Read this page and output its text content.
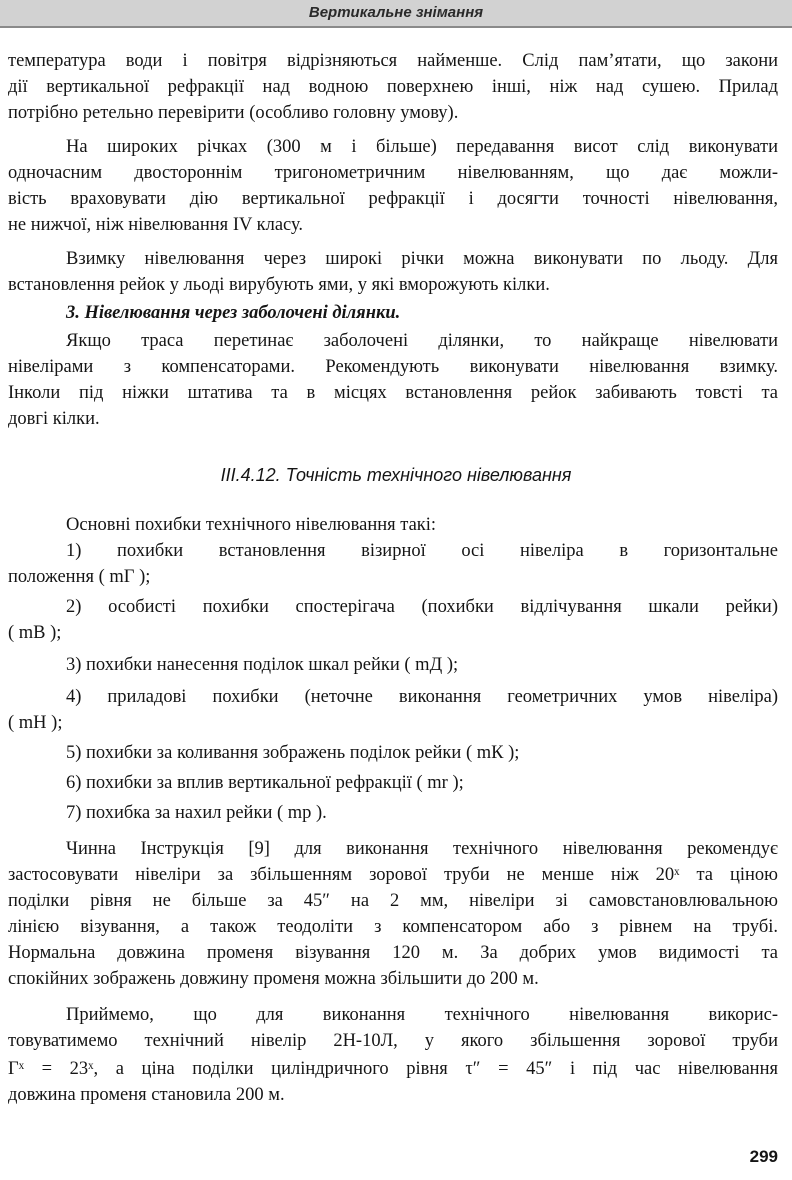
Вертикальне знімання
температура води і повітря відрізняються найменше. Слід пам’ятати, що закони
дії вертикальної рефракції над водною поверхнею інші, ніж над сушею. Прилад
потрібно ретельно перевірити (особливо головну умову).
На широких річках (300 м і більше) передавання висот слід виконувати
одночасним двостороннім тригонометричним нівелюванням, що дає можли-
вість враховувати дію вертикальної рефракції і досягти точності нівелювання,
не нижчої, ніж нівелювання IV класу.
Взимку нівелювання через широкі річки можна виконувати по льоду. Для
встановлення рейок у льоді вирубують ями, у які вморожують кілки.
3. Нівелювання через заболочені ділянки.
Якщо траса перетинає заболочені ділянки, то найкраще нівелювати
нівелірами з компенсаторами. Рекомендують виконувати нівелювання взимку.
Інколи під ніжки штатива та в місцях встановлення рейок забивають товсті та
довгі кілки.
III.4.12. Точність технічного нівелювання
Основні похибки технічного нівелювання такі:
1) похибки встановлення візирної осі нівеліра в горизонтальне
положення ( mГ );
2) особисті похибки спостерігача (похибки відлічування шкали рейки)
( mВ );
3) похибки нанесення поділок шкал рейки ( mД );
4) приладові похибки (неточне виконання геометричних умов нівеліра)
( mН );
5) похибки за коливання зображень поділок рейки ( mК );
6) похибки за вплив вертикальної рефракції ( mr );
7) похибка за нахил рейки ( mр ).
Чинна Інструкція [9] для виконання технічного нівелювання рекомендує
застосовувати нівеліри за збільшенням зорової труби не менше ніж 20ˣ та ціною
поділки рівня не більше за 45″ на 2 мм, нівеліри зі самовстановлювальною
лінією візування, а також теодоліти з компенсатором або з рівнем на трубі.
Нормальна довжина променя візування 120 м. За добрих умов видимості та
спокійних зображень довжину променя можна збільшити до 200 м.
Приймемо, що для виконання технічного нівелювання викорис-
товуватимемо технічний нівелір 2Н-10Л, у якого збільшення зорової труби
Гˣ = 23ˣ, а ціна поділки циліндричного рівня τ″ = 45″ і під час нівелювання
довжина променя становила 200 м.
299
